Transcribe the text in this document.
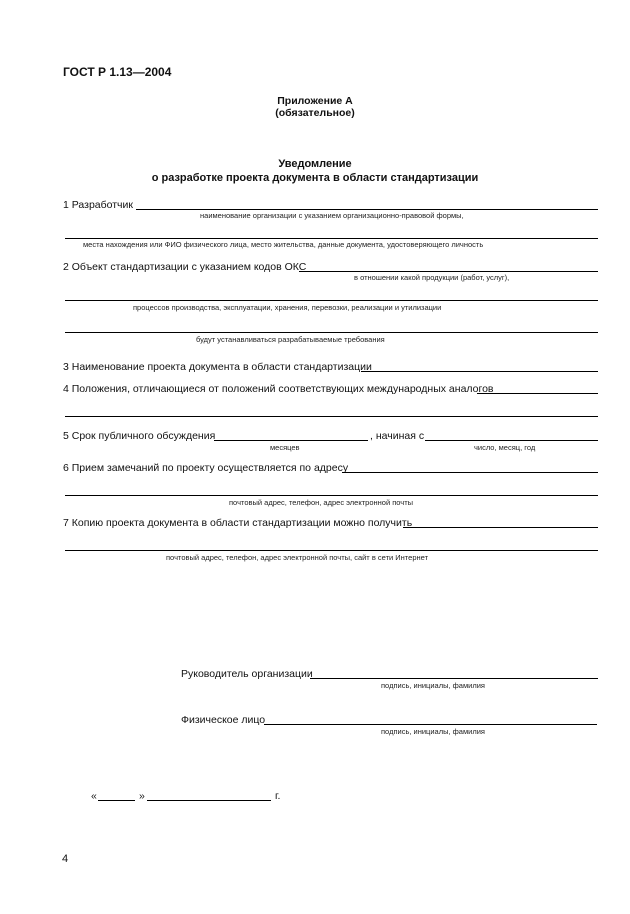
ГОСТ Р 1.13—2004
Приложение А
(обязательное)
Уведомление
о разработке проекта документа в области стандартизации
1 Разработчик
наименование организации с указанием организационно-правовой формы,
места нахождения или ФИО физического лица, место жительства, данные документа, удостоверяющего личность
2 Объект стандартизации с указанием кодов ОКС
в отношении какой продукции (работ, услуг),
процессов производства, эксплуатации, хранения, перевозки, реализации и утилизации
будут устанавливаться разрабатываемые требования
3 Наименование проекта документа в области стандартизации
4 Положения, отличающиеся от положений соответствующих международных аналогов
5 Срок публичного обсуждения
месяцев
, начиная с
число, месяц, год
6 Прием замечаний по проекту осуществляется по адресу
почтовый адрес, телефон, адрес электронной почты
7 Копию проекта документа в области стандартизации можно получить
почтовый адрес, телефон, адрес электронной почты, сайт в сети Интернет
Руководитель организации
подпись, инициалы, фамилия
Физическое лицо
подпись, инициалы, фамилия
«	»	г.
4
